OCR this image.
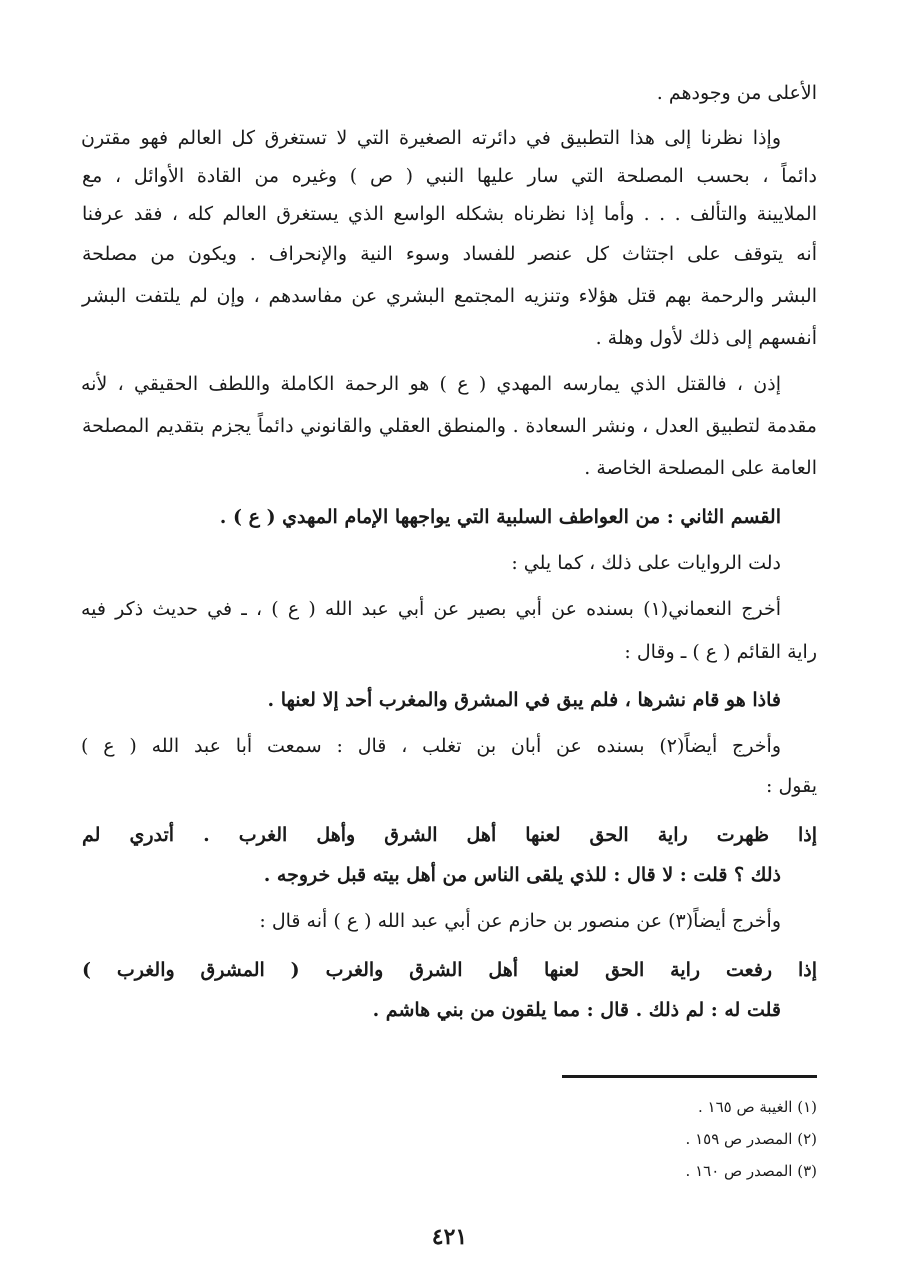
الأعلى من وجودهم .
وإذا نظرنا إلى هذا التطبيق في دائرته الصغيرة التي لا تستغرق كل العالم فهو مقترن
دائماً ، بحسب المصلحة التي سار عليها النبي ( ص ) وغيره من القادة الأوائل ، مع
الملايينة والتألف . . . وأما إذا نظرناه بشكله الواسع الذي يستغرق العالم كله ، فقد عرفنا
أنه يتوقف على اجتثاث كل عنصر للفساد وسوء النية والإنحراف . ويكون من مصلحة
البشر والرحمة بهم قتل هؤلاء وتنزيه المجتمع البشري عن مفاسدهم ، وإن لم يلتفت البشر
أنفسهم إلى ذلك لأول وهلة .
إذن ، فالقتل الذي يمارسه المهدي ( ع ) هو الرحمة الكاملة واللطف الحقيقي ، لأنه
مقدمة لتطبيق العدل ، ونشر السعادة . والمنطق العقلي والقانوني دائماً يجزم بتقديم المصلحة
العامة على المصلحة الخاصة .
القسم الثاني : من العواطف السلبية التي يواجهها الإمام المهدي ( ع ) .
دلت الروايات على ذلك ، كما يلي :
أخرج النعماني(١) بسنده عن أبي بصير عن أبي عبد الله ( ع ) ، ـ في حديث ذكر فيه
راية القائم ( ع ) ـ وقال :
فاذا هو قام نشرها ، فلم يبق في المشرق والمغرب أحد إلا لعنها .
وأخرج أيضاً(٢) بسنده عن أبان بن تغلب ، قال : سمعت أبا عبد الله ( ع )
يقول :
إذا ظهرت راية الحق لعنها أهل الشرق وأهل الغرب . أتدري لم
ذلك ؟ قلت : لا قال : للذي يلقى الناس من أهل بيته قبل خروجه .
وأخرج أيضاً(٣) عن منصور بن حازم عن أبي عبد الله ( ع ) أنه قال :
إذا رفعت راية الحق لعنها أهل الشرق والغرب ( المشرق والغرب )
قلت له : لم ذلك . قال : مما يلقون من بني هاشم .
(١) الغيبة ص ١٦٥ .
(٢) المصدر ص ١٥٩ .
(٣) المصدر ص ١٦٠ .
٤٢١
